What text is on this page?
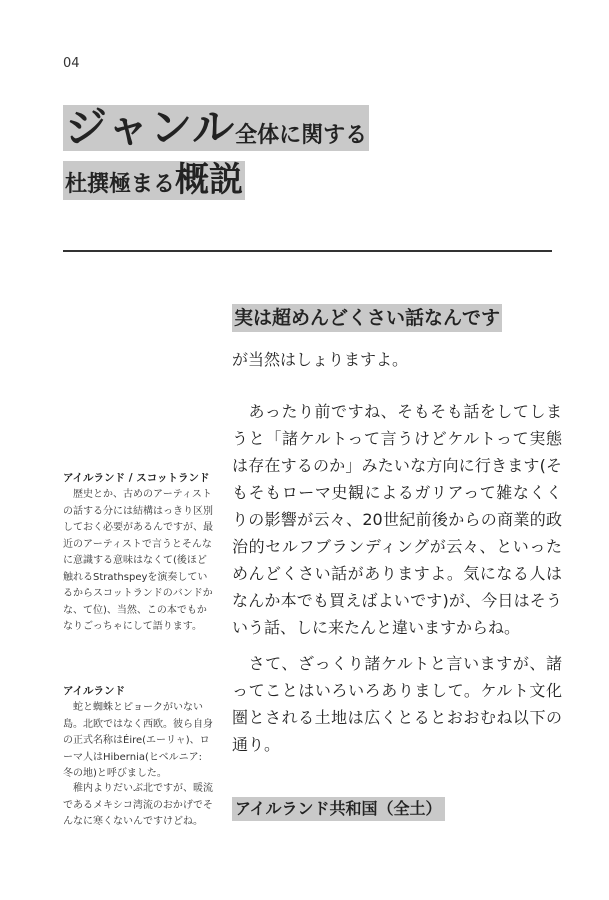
04
ジャンル全体に関する
杜撰極まる概説
実は超めんどくさい話なんです
が当然はしょりますよ。
　あったり前ですね、そもそも話をしてしまうと「諸ケルトって言うけどケルトって実態は存在するのか」みたいな方向に行きます(そもそもローマ史観によるガリアって雑なくくりの影響が云々、20世紀前後からの商業的政治的セルフブランディングが云々、といっためんどくさい話がありますよ。気になる人はなんか本でも買えばよいです)が、今日はそういう話、しに来たんと違いますからね。
　さて、ざっくり諸ケルトと言いますが、諸ってことはいろいろありまして。ケルト文化圏とされる土地は広くとるとおおむね以下の通り。
アイルランド共和国（全土）
アイルランド / スコットランド
　歴史とか、古めのアーティストの話する分には結構はっきり区別しておく必要があるんですが、最近のアーティストで言うとそんなに意識する意味はなくて(後ほど触れるStrathspeyを演奏しているからスコットランドのバンドかな、て位)、当然、この本でもかなりごっちゃにして語ります。
アイルランド
　蛇と蜘蛛とピョークがいない島。北欧ではなく西欧。彼ら自身の正式名称はÉire(エーリャ)、ローマ人はHibernia(ヒベルニア: 冬の地)と呼びました。
　稚内よりだいぶ北ですが、暖流であるメキシコ湾流のおかげでそんなに寒くないんですけどね。
